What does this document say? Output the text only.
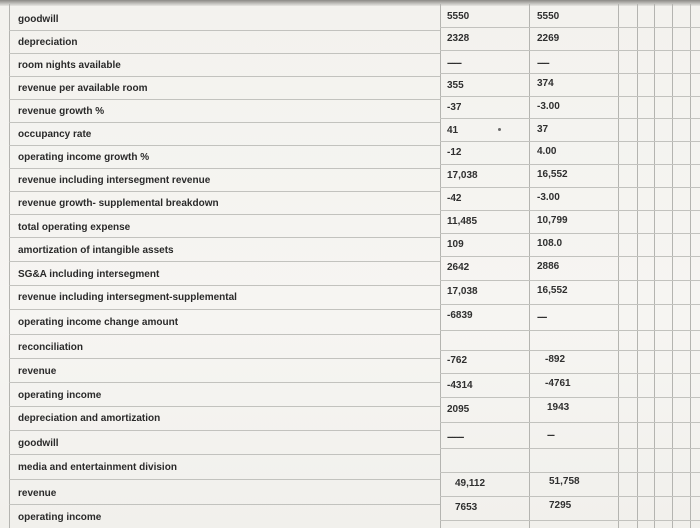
goodwill
depreciation
room nights available
revenue per available room
revenue growth %
occupancy rate
operating income growth %
revenue including intersegment revenue
revenue growth- supplemental breakdown
total operating expense
amortization of intangible assets
SG&A including intersegment
revenue including intersegment-supplemental
operating income change amount
reconciliation
revenue
operating income
depreciation and amortization
goodwill
media and entertainment division
revenue
operating income
5550
2328
------
355
-37
41
-12
17,038
-42
11,485
109
2642
17,038
-6839
-762
-4314
2095
-------
49,112
7653
5550
2269
-----
374
-3.00
37
4.00
16,552
-3.00
10,799
108.0
2886
16,552
----
-892
-4761
1943
---
51,758
7295
